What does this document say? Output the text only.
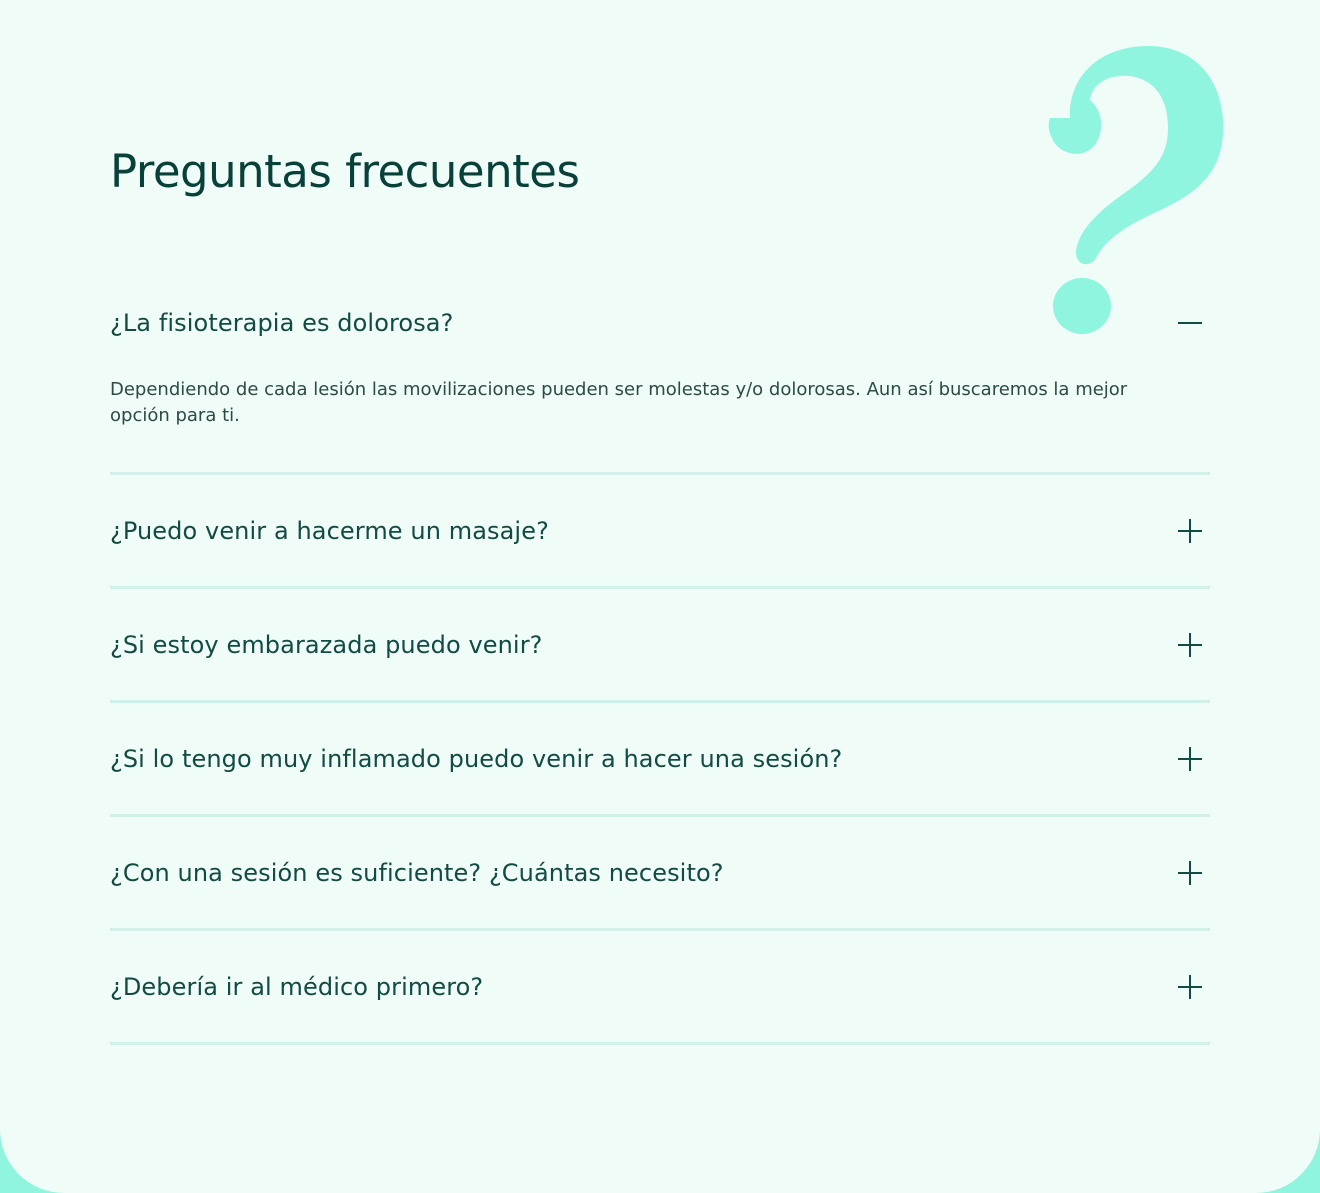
Preguntas frecuentes
¿La fisioterapia es dolorosa?
Dependiendo de cada lesión las movilizaciones pueden ser molestas y/o dolorosas. Aun así buscaremos la mejor opción para ti.
¿Puedo venir a hacerme un masaje?
¿Si estoy embarazada puedo venir?
¿Si lo tengo muy inflamado puedo venir a hacer una sesión?
¿Con una sesión es suficiente? ¿Cuántas necesito?
¿Debería ir al médico primero?
